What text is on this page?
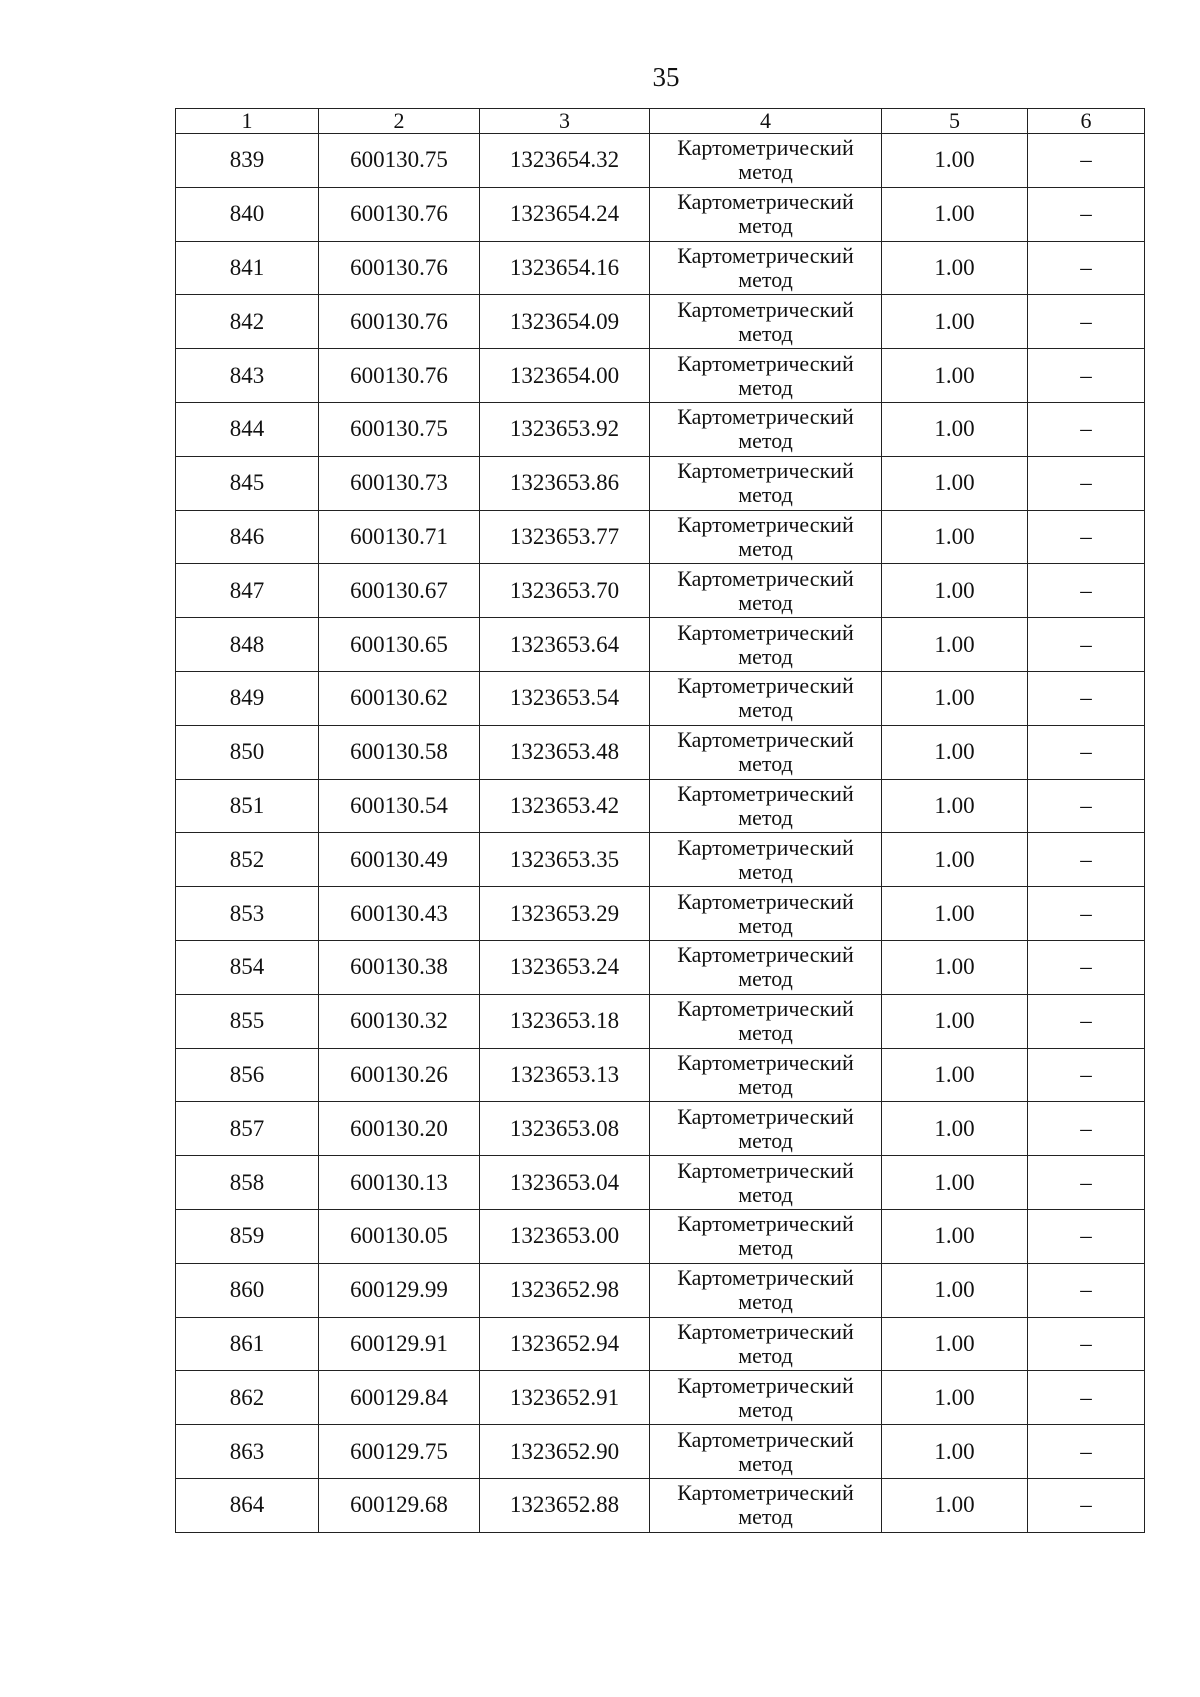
35
1	2	3	4	5	6
839	600130.75	1323654.32	Картометрический метод	1.00	–
840	600130.76	1323654.24	Картометрический метод	1.00	–
841	600130.76	1323654.16	Картометрический метод	1.00	–
842	600130.76	1323654.09	Картометрический метод	1.00	–
843	600130.76	1323654.00	Картометрический метод	1.00	–
844	600130.75	1323653.92	Картометрический метод	1.00	–
845	600130.73	1323653.86	Картометрический метод	1.00	–
846	600130.71	1323653.77	Картометрический метод	1.00	–
847	600130.67	1323653.70	Картометрический метод	1.00	–
848	600130.65	1323653.64	Картометрический метод	1.00	–
849	600130.62	1323653.54	Картометрический метод	1.00	–
850	600130.58	1323653.48	Картометрический метод	1.00	–
851	600130.54	1323653.42	Картометрический метод	1.00	–
852	600130.49	1323653.35	Картометрический метод	1.00	–
853	600130.43	1323653.29	Картометрический метод	1.00	–
854	600130.38	1323653.24	Картометрический метод	1.00	–
855	600130.32	1323653.18	Картометрический метод	1.00	–
856	600130.26	1323653.13	Картометрический метод	1.00	–
857	600130.20	1323653.08	Картометрический метод	1.00	–
858	600130.13	1323653.04	Картометрический метод	1.00	–
859	600130.05	1323653.00	Картометрический метод	1.00	–
860	600129.99	1323652.98	Картометрический метод	1.00	–
861	600129.91	1323652.94	Картометрический метод	1.00	–
862	600129.84	1323652.91	Картометрический метод	1.00	–
863	600129.75	1323652.90	Картометрический метод	1.00	–
864	600129.68	1323652.88	Картометрический метод	1.00	–
